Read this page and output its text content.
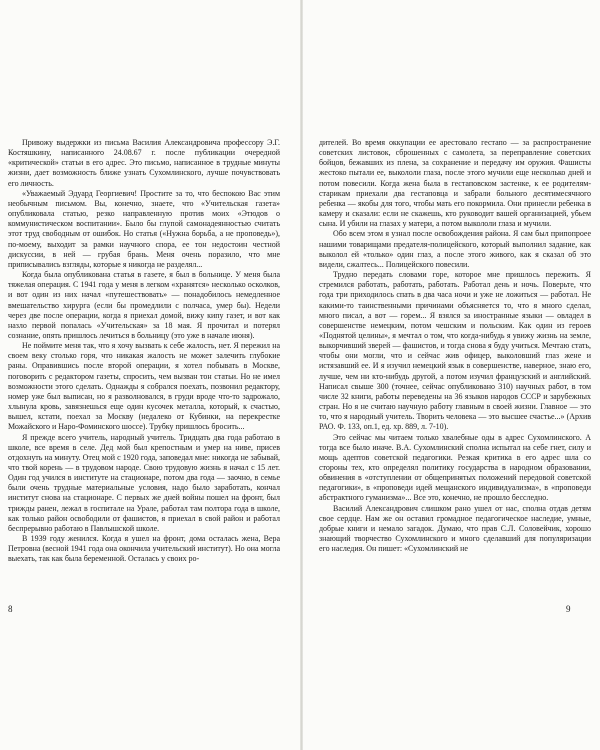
Привожу выдержки из письма Василия Александровича профессору Э.Г. Костяшкину, написанного 24.08.67 г. после публикации очередной «критической» статьи в его адрес. Это письмо, написанное в трудные минуты жизни, дает возможность ближе узнать Сухомлинского, лучше почувствовать его личность.

«Уважаемый Эдуард Георгиевич! Простите за то, что беспокою Вас этим необычным письмом. Вы, конечно, знаете, что «Учительская газета» опубликовала статью, резко направленную против моих «Этюдов о коммунистическом воспитании». Было бы глупой самонадеянностью считать этот труд свободным от ошибок. Но статья («Нужна борьба, а не проповедь»), по-моему, выходит за рамки научного спора, ее тон недостоин честной дискуссии, в ней — грубая брань. Меня очень поразило, что мне приписывались взгляды, которые я никогда не разделял...

Когда была опубликована статья в газете, я был в больнице. У меня была тяжелая операция. С 1941 года у меня в легком «хранятся» несколько осколков, и вот один из них начал «путешествовать» — понадобилось немедленное вмешательство хирурга (если бы промедлили с полчаса, умер бы). Недели через две после операции, когда я приехал домой, вижу кипу газет, и вот как назло первой попалась «Учительская» за 18 мая. Я прочитал и потерял сознание, опять пришлось лечиться в больницу (это уже в начале июня).

Не поймите меня так, что я хочу вызвать к себе жалость, нет. Я пережил на своем веку столько горя, что никакая жалость не может залечить глубокие раны. Оправившись после второй операции, я хотел побывать в Москве, поговорить с редактором газеты, спросить, чем вызван тон статьи. Но не имел возможности этого сделать. Однажды я собрался поехать, позвонил редактору, номер уже был выписан, но я разволновался, в груди вроде что-то задрожало, хлынула кровь, завязнешься еще один кусочек металла, который, к счастью, вышел, кстати, поехал за Москву (недалеко от Кубинки, на перекрестке Можайского и Наро-Фоминского шоссе). Трубку пришлось бросить...

Я прежде всего учитель, народный учитель. Тридцать два года работаю в школе, все время в селе. Дед мой был крепостным и умер на ниве, присев отдохнуть на минуту. Отец мой с 1920 года, заповедал мне: никогда не забывай, что твой корень — в трудовом народе. Свою трудовую жизнь я начал с 15 лет. Один год учился в институте на стационаре, потом два года — заочно, в семье были очень трудные материальные условия, надо было заработать, кончал институт снова на стационаре. С первых же дней войны пошел на фронт, был трижды ранен, лежал в госпитале на Урале, работал там полтора года в школе, как только район освободили от фашистов, я приехал в свой район и работал беспрерывно работаю в Павлышской школе.

В 1939 году женился. Когда я ушел на фронт, дома осталась жена, Вера Петровна (весной 1941 года она окончила учительский институт). Но она могла выехать, так как была беременной. Осталась у своих ро-

8

дителей. Во время оккупации ее арестовало гестапо — за распространение советских листовок, сброшенных с самолета, за переправление советских бойцов, бежавших из плена, за сохранение и передачу им оружия. Фашисты жестоко пытали ее, выкололи глаза, после этого мучили еще несколько дней и потом повесили. Когда жена была в гестаповском застенке, к ее родителям-старикам приехали два гестаповца и забрали больного десятимесячного ребенка — якобы для того, чтобы мать его покормила. Они принесли ребенка в камеру и сказали: если не скажешь, кто руководит вашей организацией, убьем сына. И убили на глазах у матери, а потом выкололи глаза и мучили.

Обо всем этом я узнал после освобождения района. Я сам был припопроее нашими товарищами предателя-полицейского, который выполнил задание, как выколол ей «только» один глаз, а после этого живого, как я сказал об это видели, сжалтесь... Полицейского повесили.

Трудно передать словами горе, которое мне пришлось пережить. Я стремился работать, работать, работать. Работал день и ночь. Поверьте, что года три приходилось спать в два часа ночи и уже не ложиться — работал. Не какими-то таинственными причинами объясняется то, что я много сделал, много писал, а вот — горем... Я взялся за иностранные языки — овладел в совершенстве немецким, потом чешским и польским. Как один из героев «Поднятой целины», я мечтал о том, что когда-нибудь я увижу жизнь на земле, выкорчивший зверей — фашистов, и тогда снова я буду учиться. Мечтаю стать, чтобы они могли, что и сейчас жив офицер, выколовший глаз жене и истязавший ее. И я изучил немецкий язык в совершенстве, наверное, знаю его, лучше, чем ни кто-нибудь другой, а потом изучил французский и английский. Написал свыше 300 (точнее, сейчас опубликовано 310) научных работ, в том числе 32 книги, работы переведены на 36 языков народов СССР и зарубежных стран. Но я не считаю научную работу главным в своей жизни. Главное — это то, что я народный учитель. Творить человека — это высшее счастье...» (Архив РАО. Ф. 133, оп.1, ед. хр. 889, л. 7-10).

Это сейчас мы читаем только хвалебные оды в адрес Сухомлинского. А тогда все было иначе. В.А. Сухомлинский сполна испытал на себе гнет, силу и мощь адептов советской педагогики. Резкая критика в его адрес шла со стороны тех, кто определял политику государства в народном образовании, обвинения в «отступлении от общепринятых положений передовой советской педагогики», в «проповеди идей мещанского индивидуализма», в «проповеди абстрактного гуманизма»... Все это, конечно, не прошло бесследно.

Василий Александрович слишком рано ушел от нас, сполна отдав детям свое сердце. Нам же он оставил громадное педагогическое наследие, умные, добрые книги и немало загадок. Думаю, что прав С.Л. Соловейчик, хорошо знающий творчество Сухомлинского и много сделавший для популяризации его наследия. Он пишет: «Сухомлинский не

9
